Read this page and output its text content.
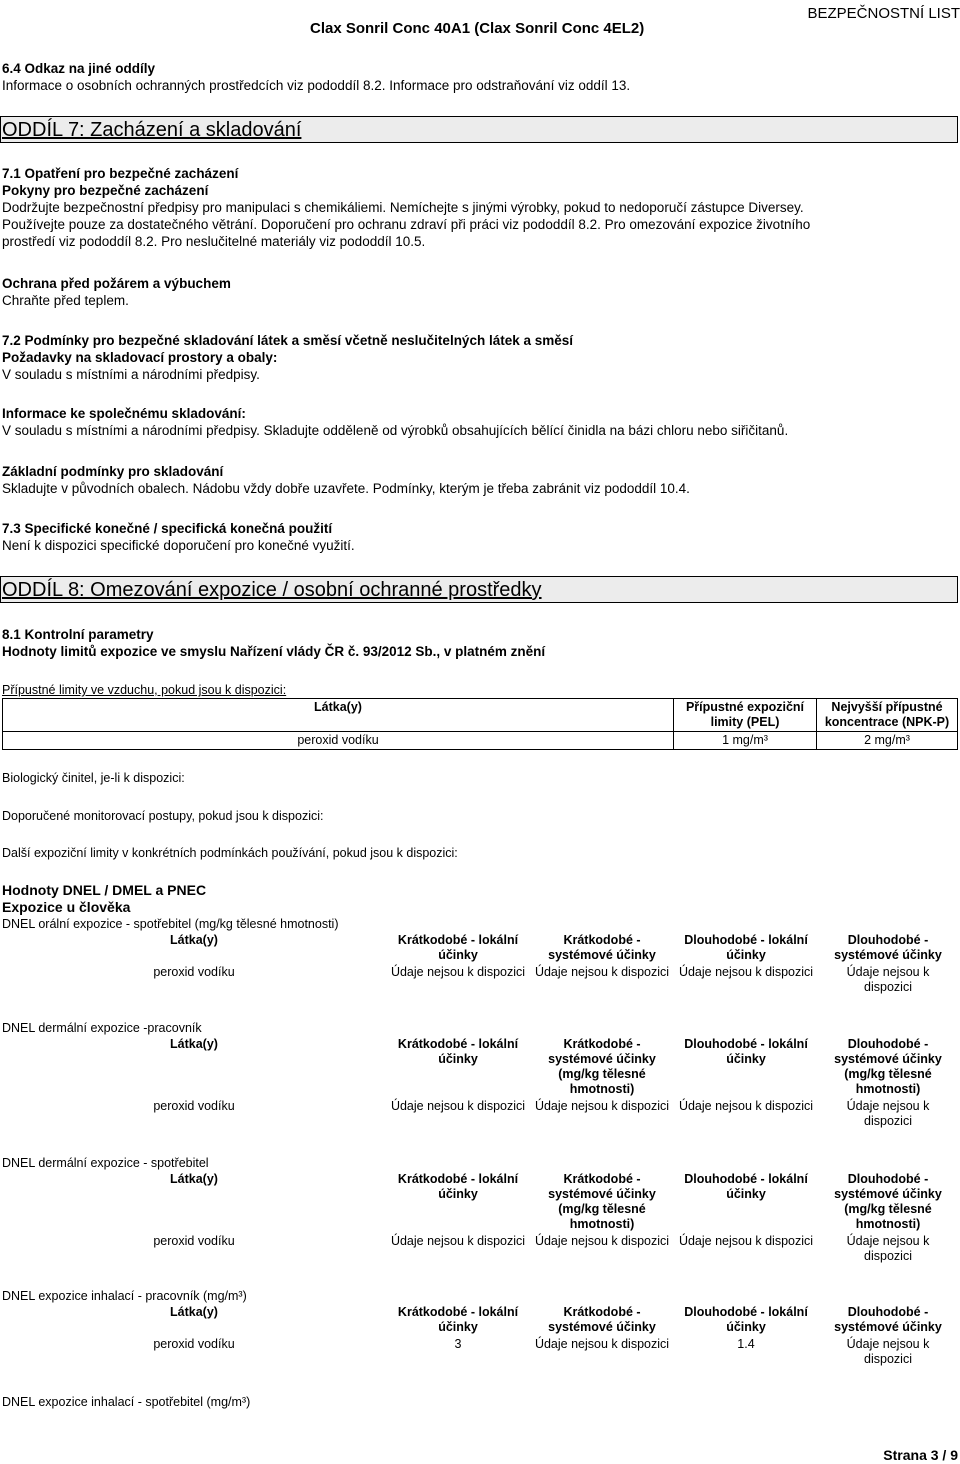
Clax Sonril Conc 40A1 (Clax Sonril Conc 4EL2)
BEZPEČNOSTNÍ LIST
6.4 Odkaz na jiné oddíly
Informace o osobních ochranných prostředcích viz pododdíl 8.2. Informace pro odstraňování viz oddíl 13.
ODDÍL 7: Zacházení a skladování
7.1 Opatření pro bezpečné zacházení
Pokyny pro bezpečné zacházení
Dodržujte bezpečnostní předpisy pro manipulaci s chemikáliemi. Nemíchejte s jinými výrobky, pokud to nedoporučí zástupce Diversey.
Používejte pouze za dostatečného větrání. Doporučení pro ochranu zdraví při práci viz pododdíl 8.2. Pro omezování expozice životního
prostředí viz pododdíl 8.2. Pro neslučitelné materiály viz pododdíl 10.5.
Ochrana před požárem a výbuchem
Chraňte před teplem.
7.2 Podmínky pro bezpečné skladování látek a směsí včetně neslučitelných látek a směsí
Požadavky na skladovací prostory a obaly:
V souladu s místními a národními předpisy.
Informace ke společnému skladování:
V souladu s místními a národními předpisy. Skladujte odděleně od výrobků obsahujících bělící činidla na bázi chloru nebo siřičitanů.
Základní podmínky pro skladování
Skladujte v původních obalech. Nádobu vždy dobře uzavřete. Podmínky, kterým je třeba zabránit viz pododdíl 10.4.
7.3 Specifické konečné / specifická konečná použití
Není k dispozici specifické doporučení pro konečné využití.
ODDÍL 8: Omezování expozice / osobní ochranné prostředky
8.1 Kontrolní parametry
Hodnoty limitů expozice ve smyslu Nařízení vlády ČR č. 93/2012 Sb., v platném znění
Přípustné limity ve vzduchu, pokud jsou k dispozici:
Látka(y)	Přípustné expoziční limity (PEL)	Nejvyšší přípustné koncentrace (NPK-P)
peroxid vodíku	1 mg/m³	2 mg/m³
Biologický činitel, je-li k dispozici:
Doporučené monitorovací postupy, pokud jsou k dispozici:
Další expoziční limity v konkrétních podmínkách používání, pokud jsou k dispozici:
Hodnoty DNEL / DMEL a PNEC
Expozice u člověka
DNEL orální expozice - spotřebitel (mg/kg tělesné hmotnosti)
Látka(y)	Krátkodobé - lokální účinky	Krátkodobé - systémové účinky	Dlouhodobé - lokální účinky	Dlouhodobé - systémové účinky
peroxid vodíku	Údaje nejsou k dispozici	Údaje nejsou k dispozici	Údaje nejsou k dispozici	Údaje nejsou k dispozici
DNEL dermální expozice -pracovník
Látka(y)	Krátkodobé - lokální účinky	Krátkodobé - systémové účinky (mg/kg tělesné hmotnosti)	Dlouhodobé - lokální účinky	Dlouhodobé - systémové účinky (mg/kg tělesné hmotnosti)
peroxid vodíku	Údaje nejsou k dispozici	Údaje nejsou k dispozici	Údaje nejsou k dispozici	Údaje nejsou k dispozici
DNEL dermální expozice - spotřebitel
Látka(y)	Krátkodobé - lokální účinky	Krátkodobé - systémové účinky (mg/kg tělesné hmotnosti)	Dlouhodobé - lokální účinky	Dlouhodobé - systémové účinky (mg/kg tělesné hmotnosti)
peroxid vodíku	Údaje nejsou k dispozici	Údaje nejsou k dispozici	Údaje nejsou k dispozici	Údaje nejsou k dispozici
DNEL expozice inhalací - pracovník (mg/m³)
Látka(y)	Krátkodobé - lokální účinky	Krátkodobé - systémové účinky	Dlouhodobé - lokální účinky	Dlouhodobé - systémové účinky
peroxid vodíku	3	Údaje nejsou k dispozici	1.4	Údaje nejsou k dispozici
DNEL expozice inhalací - spotřebitel (mg/m³)
Strana 3 / 9
